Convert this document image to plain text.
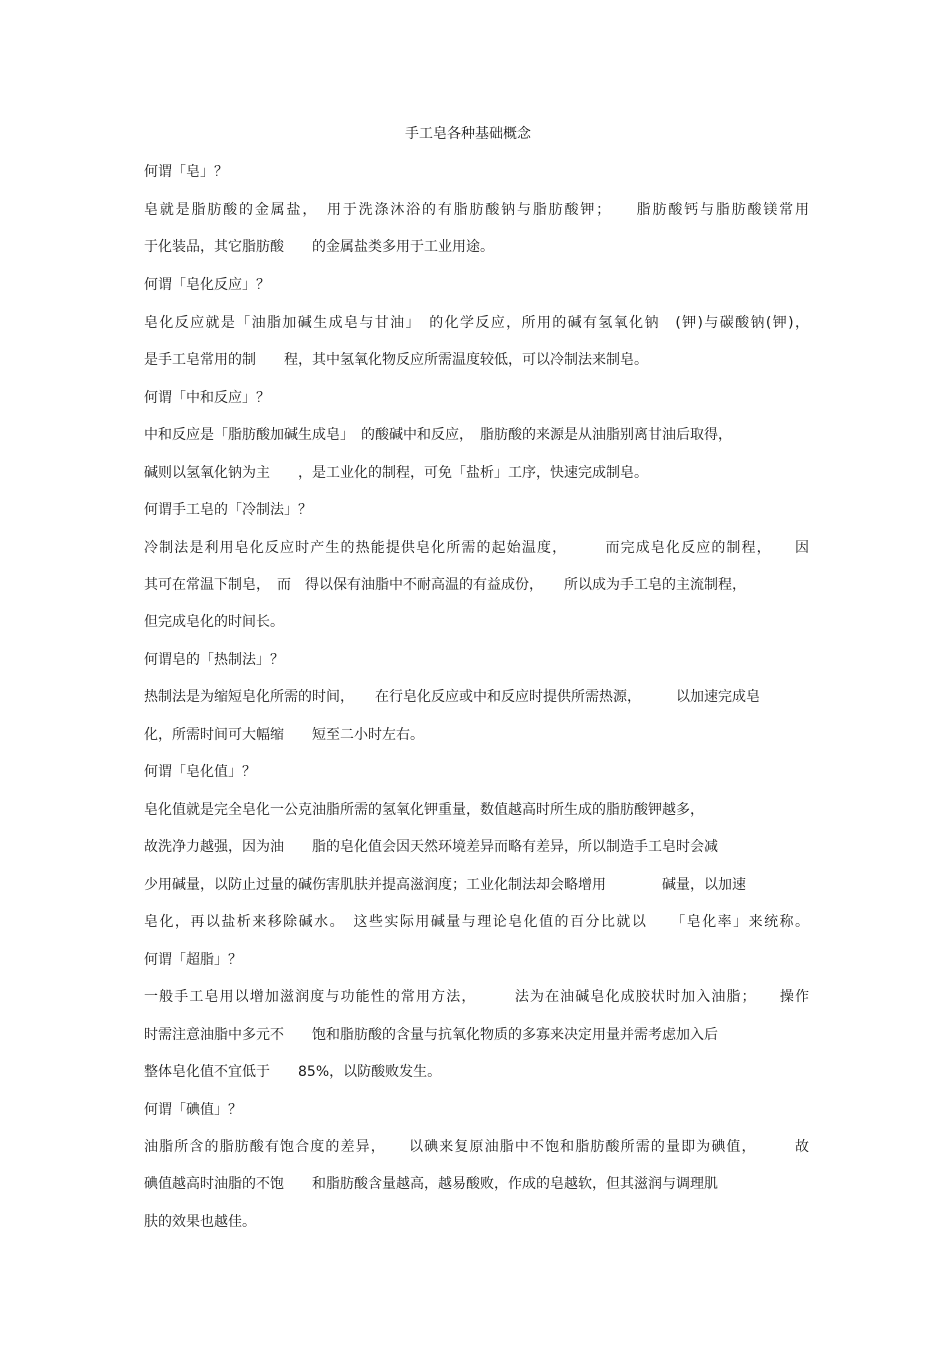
手工皂各种基础概念
何谓「皂」？
皂就是脂肪酸的金属盐，　用于洗涤沐浴的有脂肪酸钠与脂肪酸钾；　　脂肪酸钙与脂肪酸镁常用
于化装品，其它脂肪酸　　的金属盐类多用于工业用途。
何谓「皂化反应」？
皂化反应就是「油脂加碱生成皂与甘油」　的化学反应，所用的碱有氢氧化钠　(钾)与碳酸钠(钾)，
是手工皂常用的制　　程，其中氢氧化物反应所需温度较低，可以冷制法来制皂。
何谓「中和反应」？
中和反应是「脂肪酸加碱生成皂」　的酸碱中和反应，　脂肪酸的来源是从油脂别离甘油后取得，
碱则以氢氧化钠为主　　，是工业化的制程，可免「盐析」工序，快速完成制皂。
何谓手工皂的「冷制法」？
冷制法是利用皂化反应时产生的热能提供皂化所需的起始温度，　　　而完成皂化反应的制程，　　因
其可在常温下制皂，　而　得以保有油脂中不耐高温的有益成份，　　所以成为手工皂的主流制程，
但完成皂化的时间长。
何谓皂的「热制法」？
热制法是为缩短皂化所需的时间，　　在行皂化反应或中和反应时提供所需热源，　　　以加速完成皂
化，所需时间可大幅缩　　短至二小时左右。
何谓「皂化值」？
皂化值就是完全皂化一公克油脂所需的氢氧化钾重量，数值越高时所生成的脂肪酸钾越多，
故洗净力越强，因为油　　脂的皂化值会因天然环境差异而略有差异，所以制造手工皂时会减
少用碱量，以防止过量的碱伤害肌肤并提高滋润度；工业化制法却会略增用　　　　碱量，以加速
皂化，再以盐析来移除碱水。　这些实际用碱量与理论皂化值的百分比就以　　「皂化率」来统称。
何谓「超脂」？
一般手工皂用以增加滋润度与功能性的常用方法，　　　法为在油碱皂化成胶状时加入油脂；　　操作
时需注意油脂中多元不　　饱和脂肪酸的含量与抗氧化物质的多寡来决定用量并需考虑加入后
整体皂化值不宜低于　　85%，以防酸败发生。
何谓「碘值」？
油脂所含的脂肪酸有饱合度的差异，　　以碘来复原油脂中不饱和脂肪酸所需的量即为碘值，　　　故
碘值越高时油脂的不饱　　和脂肪酸含量越高，越易酸败，作成的皂越软，但其滋润与调理肌
肤的效果也越佳。
